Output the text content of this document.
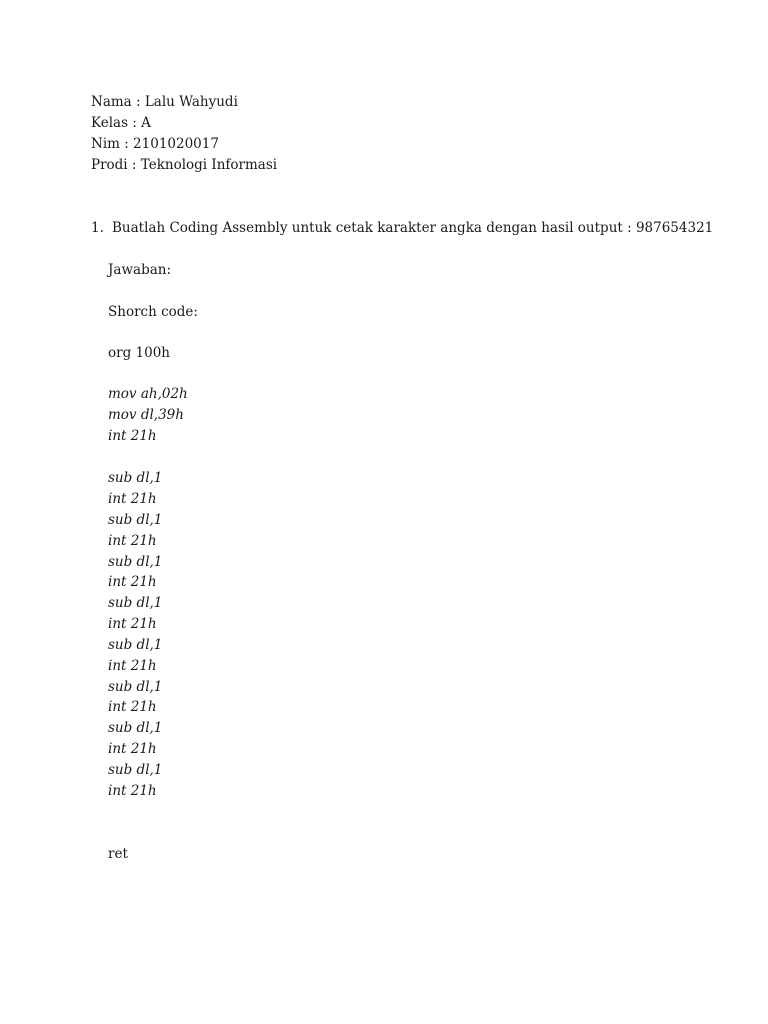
Nama : Lalu Wahyudi
Kelas : A
Nim : 2101020017
Prodi : Teknologi Informasi
1. Buatlah Coding Assembly untuk cetak karakter angka dengan hasil output : 987654321
Jawaban:
Shorch code:
org 100h
mov ah,02h
mov dl,39h
int 21h
sub dl,1
int 21h
sub dl,1
int 21h
sub dl,1
int 21h
sub dl,1
int 21h
sub dl,1
int 21h
sub dl,1
int 21h
sub dl,1
int 21h
sub dl,1
int 21h
ret
